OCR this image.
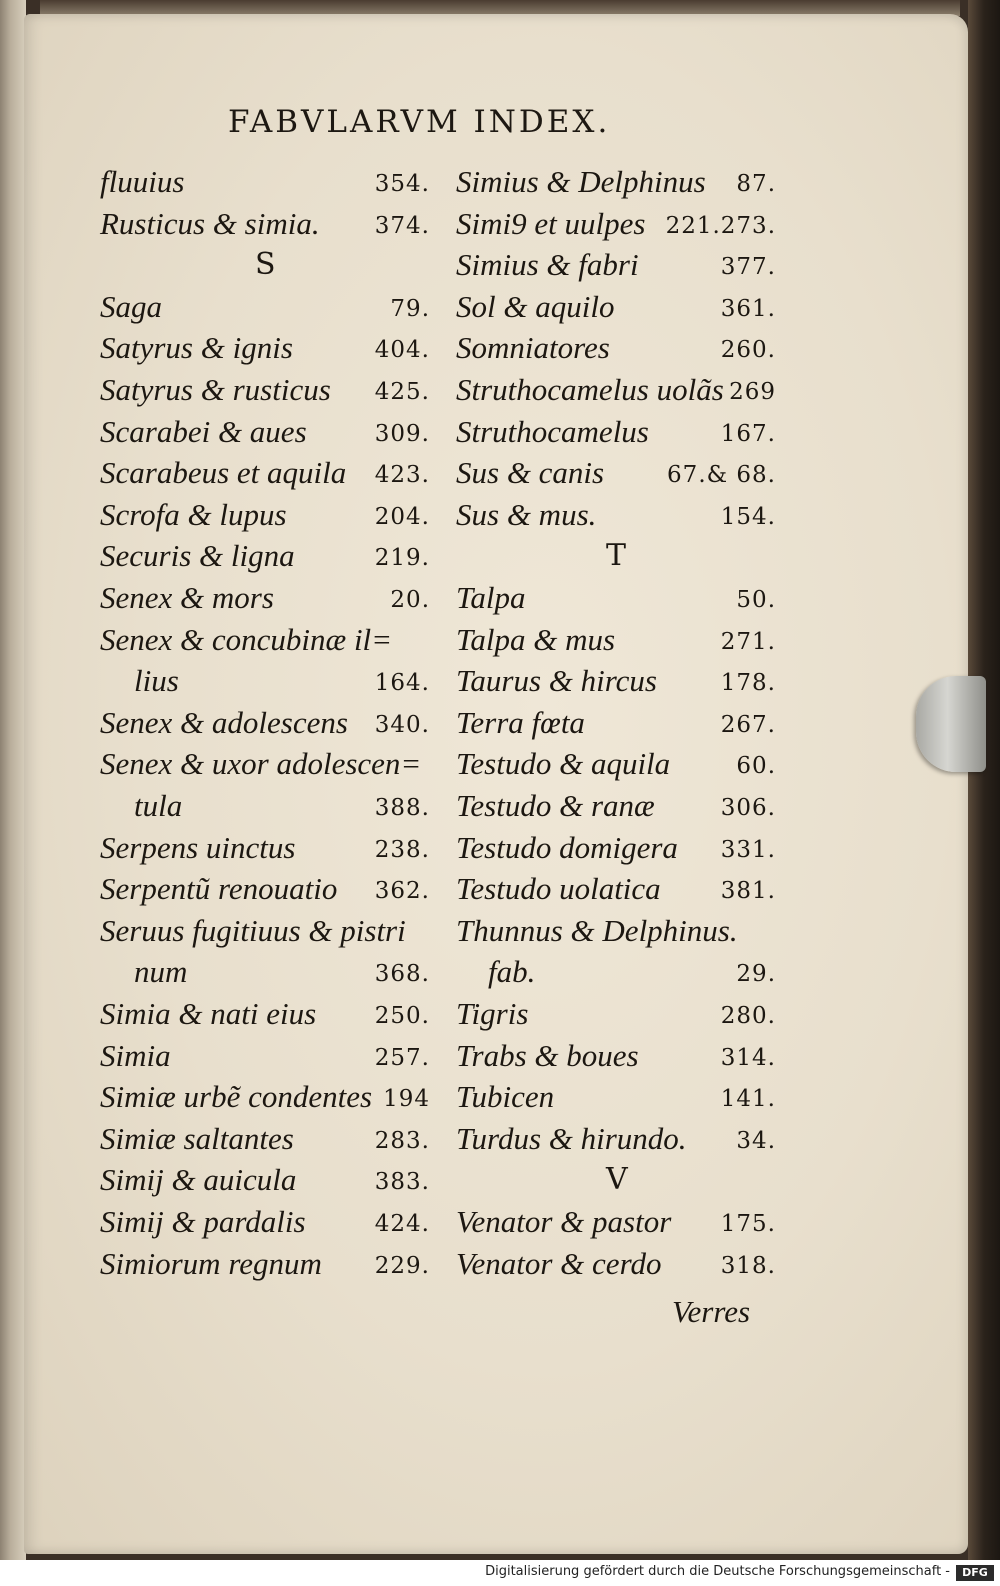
FABVLARVM INDEX.
fluuius	354.
Rusticus & simia. 374.
S
Saga	79.
Satyrus & ignis	404.
Satyrus & rusticus 425.
Scarabei & aues	309.
Scarabeus et aquila 423.
Scrofa & lupus	204.
Securis & ligna	219.
Senex & mors	20.
Senex & concubinæ il=
lius	164.
Senex & adolescens 340.
Senex & uxor adolescen=
tula	388.
Serpens uinctus	238.
Serpentũ renouatio 362.
Seruus fugitiuus & pistri
num	368.
Simia & nati eius	250.
Simia	257.
Simiæ urbẽ condentes 194
Simiæ saltantes	283.
Simij & auicula	383.
Simij & pardalis	424.
Simiorum regnum 229.
Simius & Delphinus 87.
Simi9 et uulpes 221.273.
Simius & fabri	377.
Sol & aquilo	361.
Somniatores	260.
Struthocamelus uolãs 269
Struthocamelus	167.
Sus & canis	67.& 68.
Sus & mus.	154.
T
Talpa	50.
Talpa & mus	271.
Taurus & hircus	178.
Terra fœta	267.
Testudo & aquila	60.
Testudo & ranæ	306.
Testudo domigera 331.
Testudo uolatica	381.
Thunnus & Delphinus.
fab.	29.
Tigris	280.
Trabs & boues	314.
Tubicen	141.
Turdus & hirundo. 34.
V
Venator & pastor 175.
Venator & cerdo	318.
Verres
Digitalisierung gefördert durch die Deutsche Forschungsgemeinschaft -	DFG
